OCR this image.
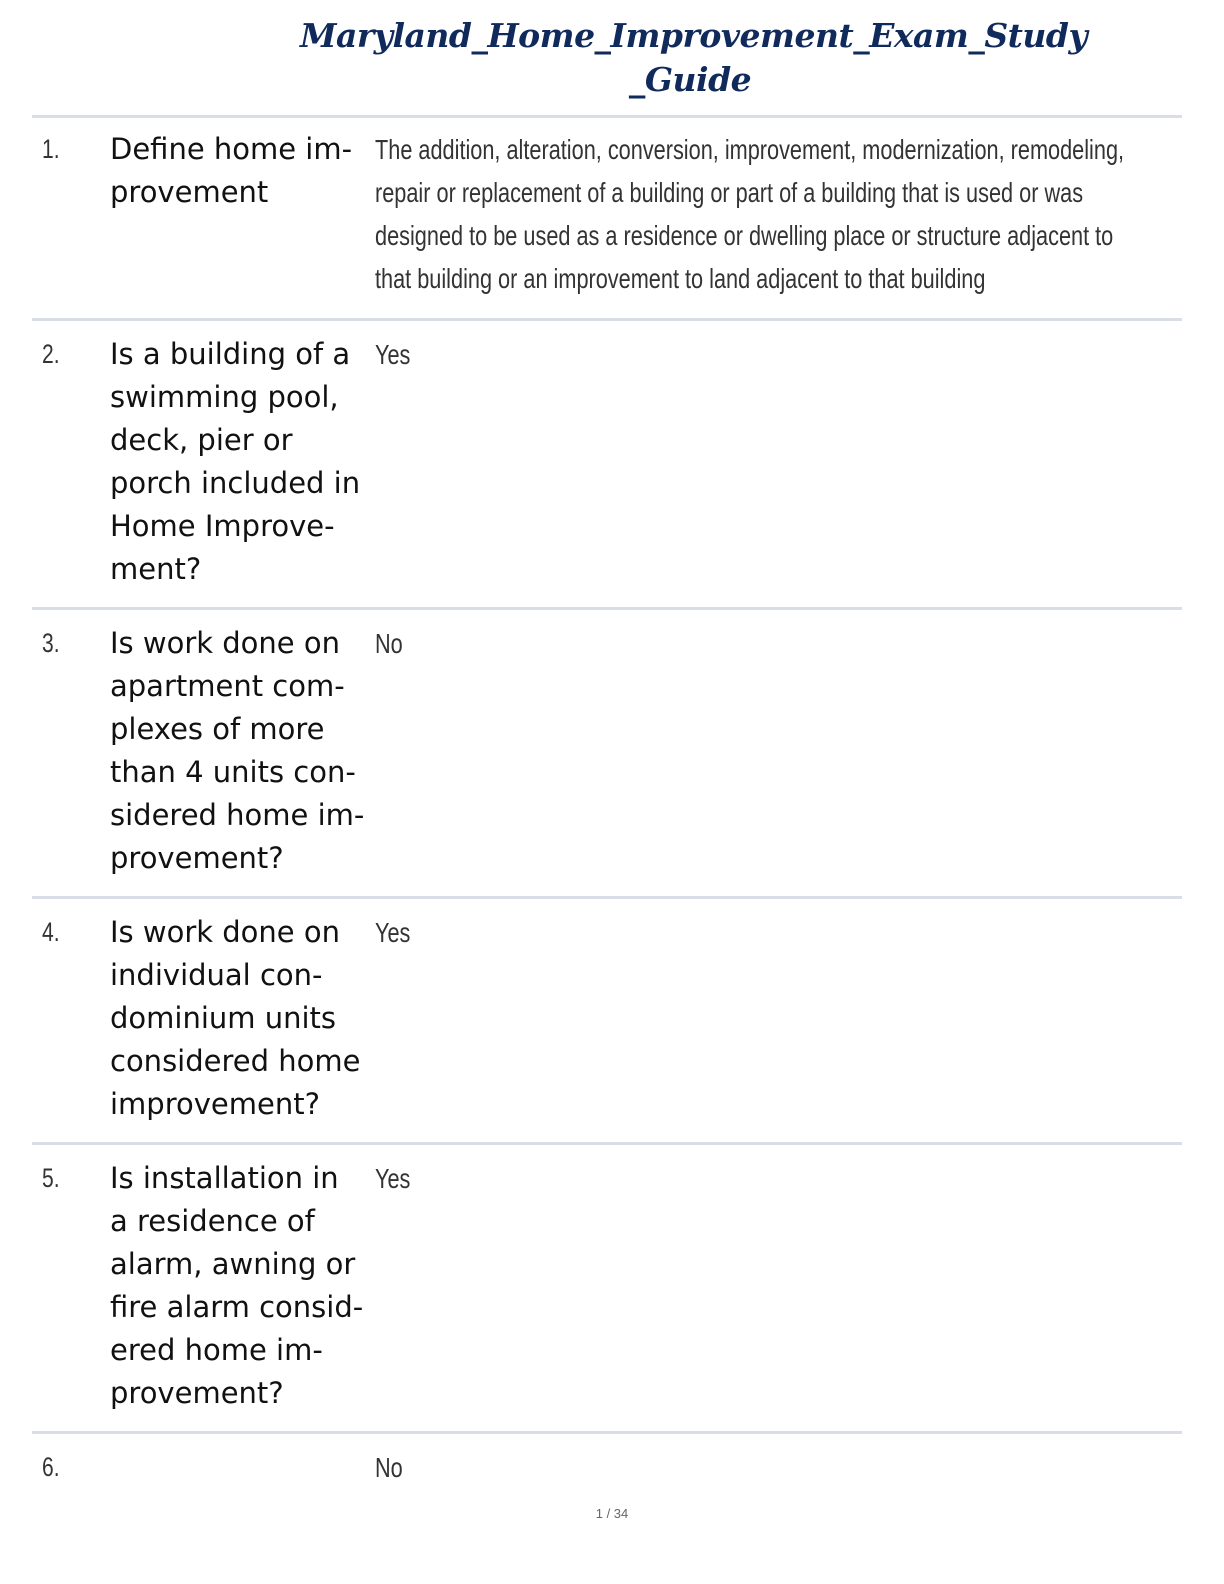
Maryland_Home_Improvement_Exam_Study
_Guide
1. Define home im-
provement
The addition, alteration, conversion, improvement, modernization, remodeling,
repair or replacement of a building or part of a building that is used or was
designed to be used as a residence or dwelling place or structure adjacent to
that building or an improvement to land adjacent to that building
2. Is a building of a
swimming pool,
deck, pier or
porch included in
Home Improve-
ment?
Yes
3. Is work done on
apartment com-
plexes of more
than 4 units con-
sidered home im-
provement?
No
4. Is work done on
individual con-
dominium units
considered home
improvement?
Yes
5. Is installation in
a residence of
alarm, awning or
fire alarm consid-
ered home im-
provement?
Yes
6.	No
1 / 34
